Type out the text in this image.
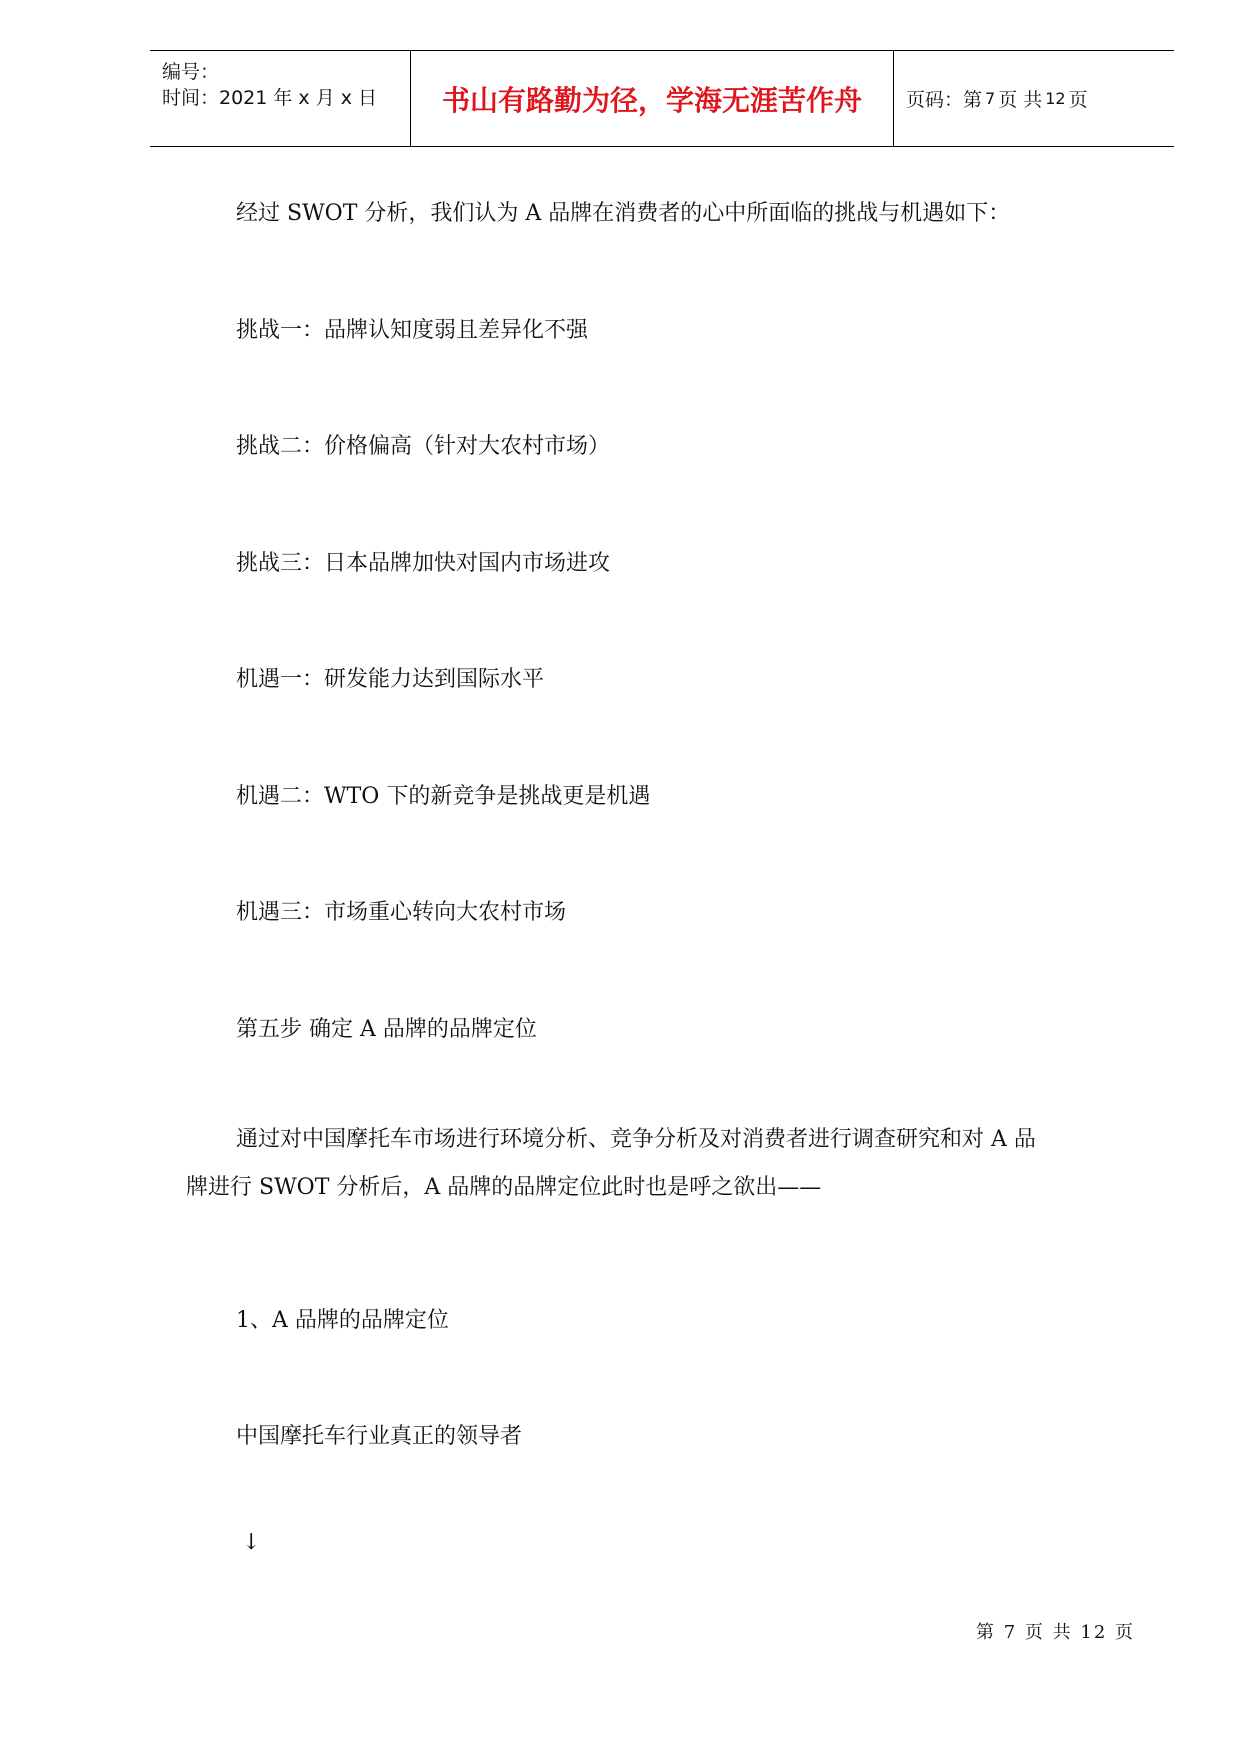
编号：
时间：2021 年 x 月 x 日 书山有路勤为径，学海无涯苦作舟 页码：第 7 页 共 12 页
经过 SWOT 分析，我们认为 A 品牌在消费者的心中所面临的挑战与机遇如下：
挑战一：品牌认知度弱且差异化不强
挑战二：价格偏高（针对大农村市场）
挑战三：日本品牌加快对国内市场进攻
机遇一：研发能力达到国际水平
机遇二：WTO 下的新竞争是挑战更是机遇
机遇三：市场重心转向大农村市场
第五步 确定 A 品牌的品牌定位
通过对中国摩托车市场进行环境分析、竞争分析及对消费者进行调查研究和对 A 品
牌进行 SWOT 分析后，A 品牌的品牌定位此时也是呼之欲出——
1、A 品牌的品牌定位
中国摩托车行业真正的领导者
↓
第 7 页 共 12 页
